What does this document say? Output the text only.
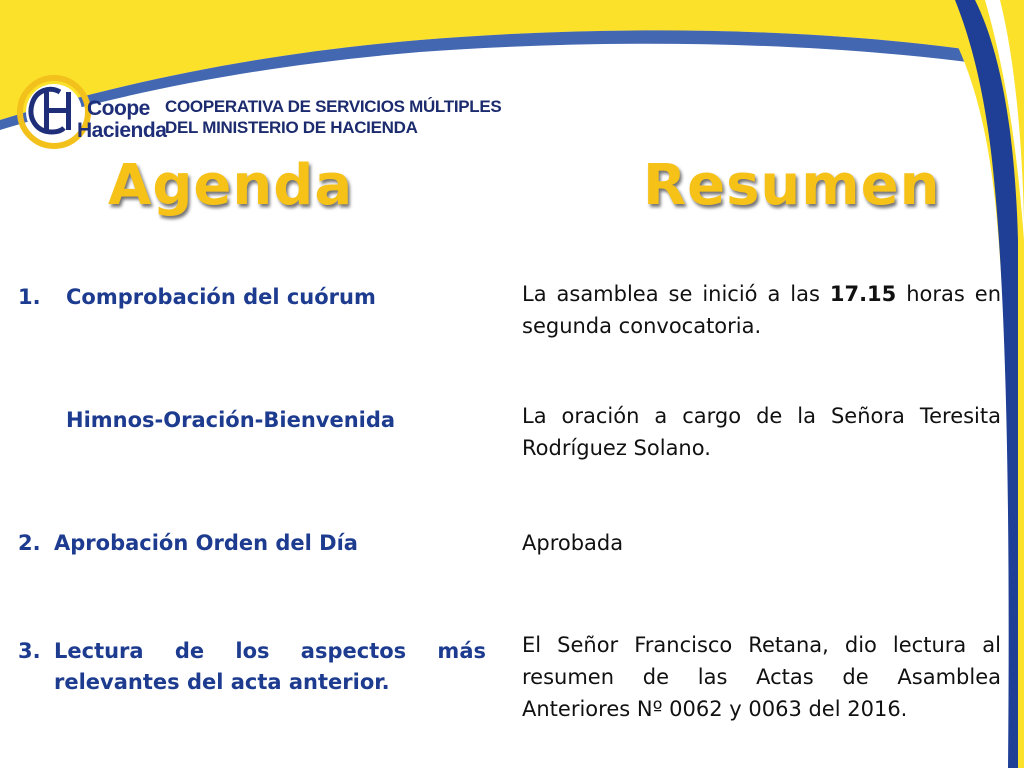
Coope
Hacienda
COOPERATIVA DE SERVICIOS MÚLTIPLES
DEL MINISTERIO DE HACIENDA
Agenda	Resumen
1. Comprobación del cuórum
Himnos-Oración-Bienvenida
2. Aprobación Orden del Día
3. Lectura de los aspectos más relevantes del acta anterior.
La asamblea se inició a las 17.15 horas en segunda convocatoria.
La oración a cargo de la Señora Teresita Rodríguez Solano.
Aprobada
El Señor Francisco Retana, dio lectura al resumen de las Actas de Asamblea Anteriores Nº 0062 y 0063 del 2016.
